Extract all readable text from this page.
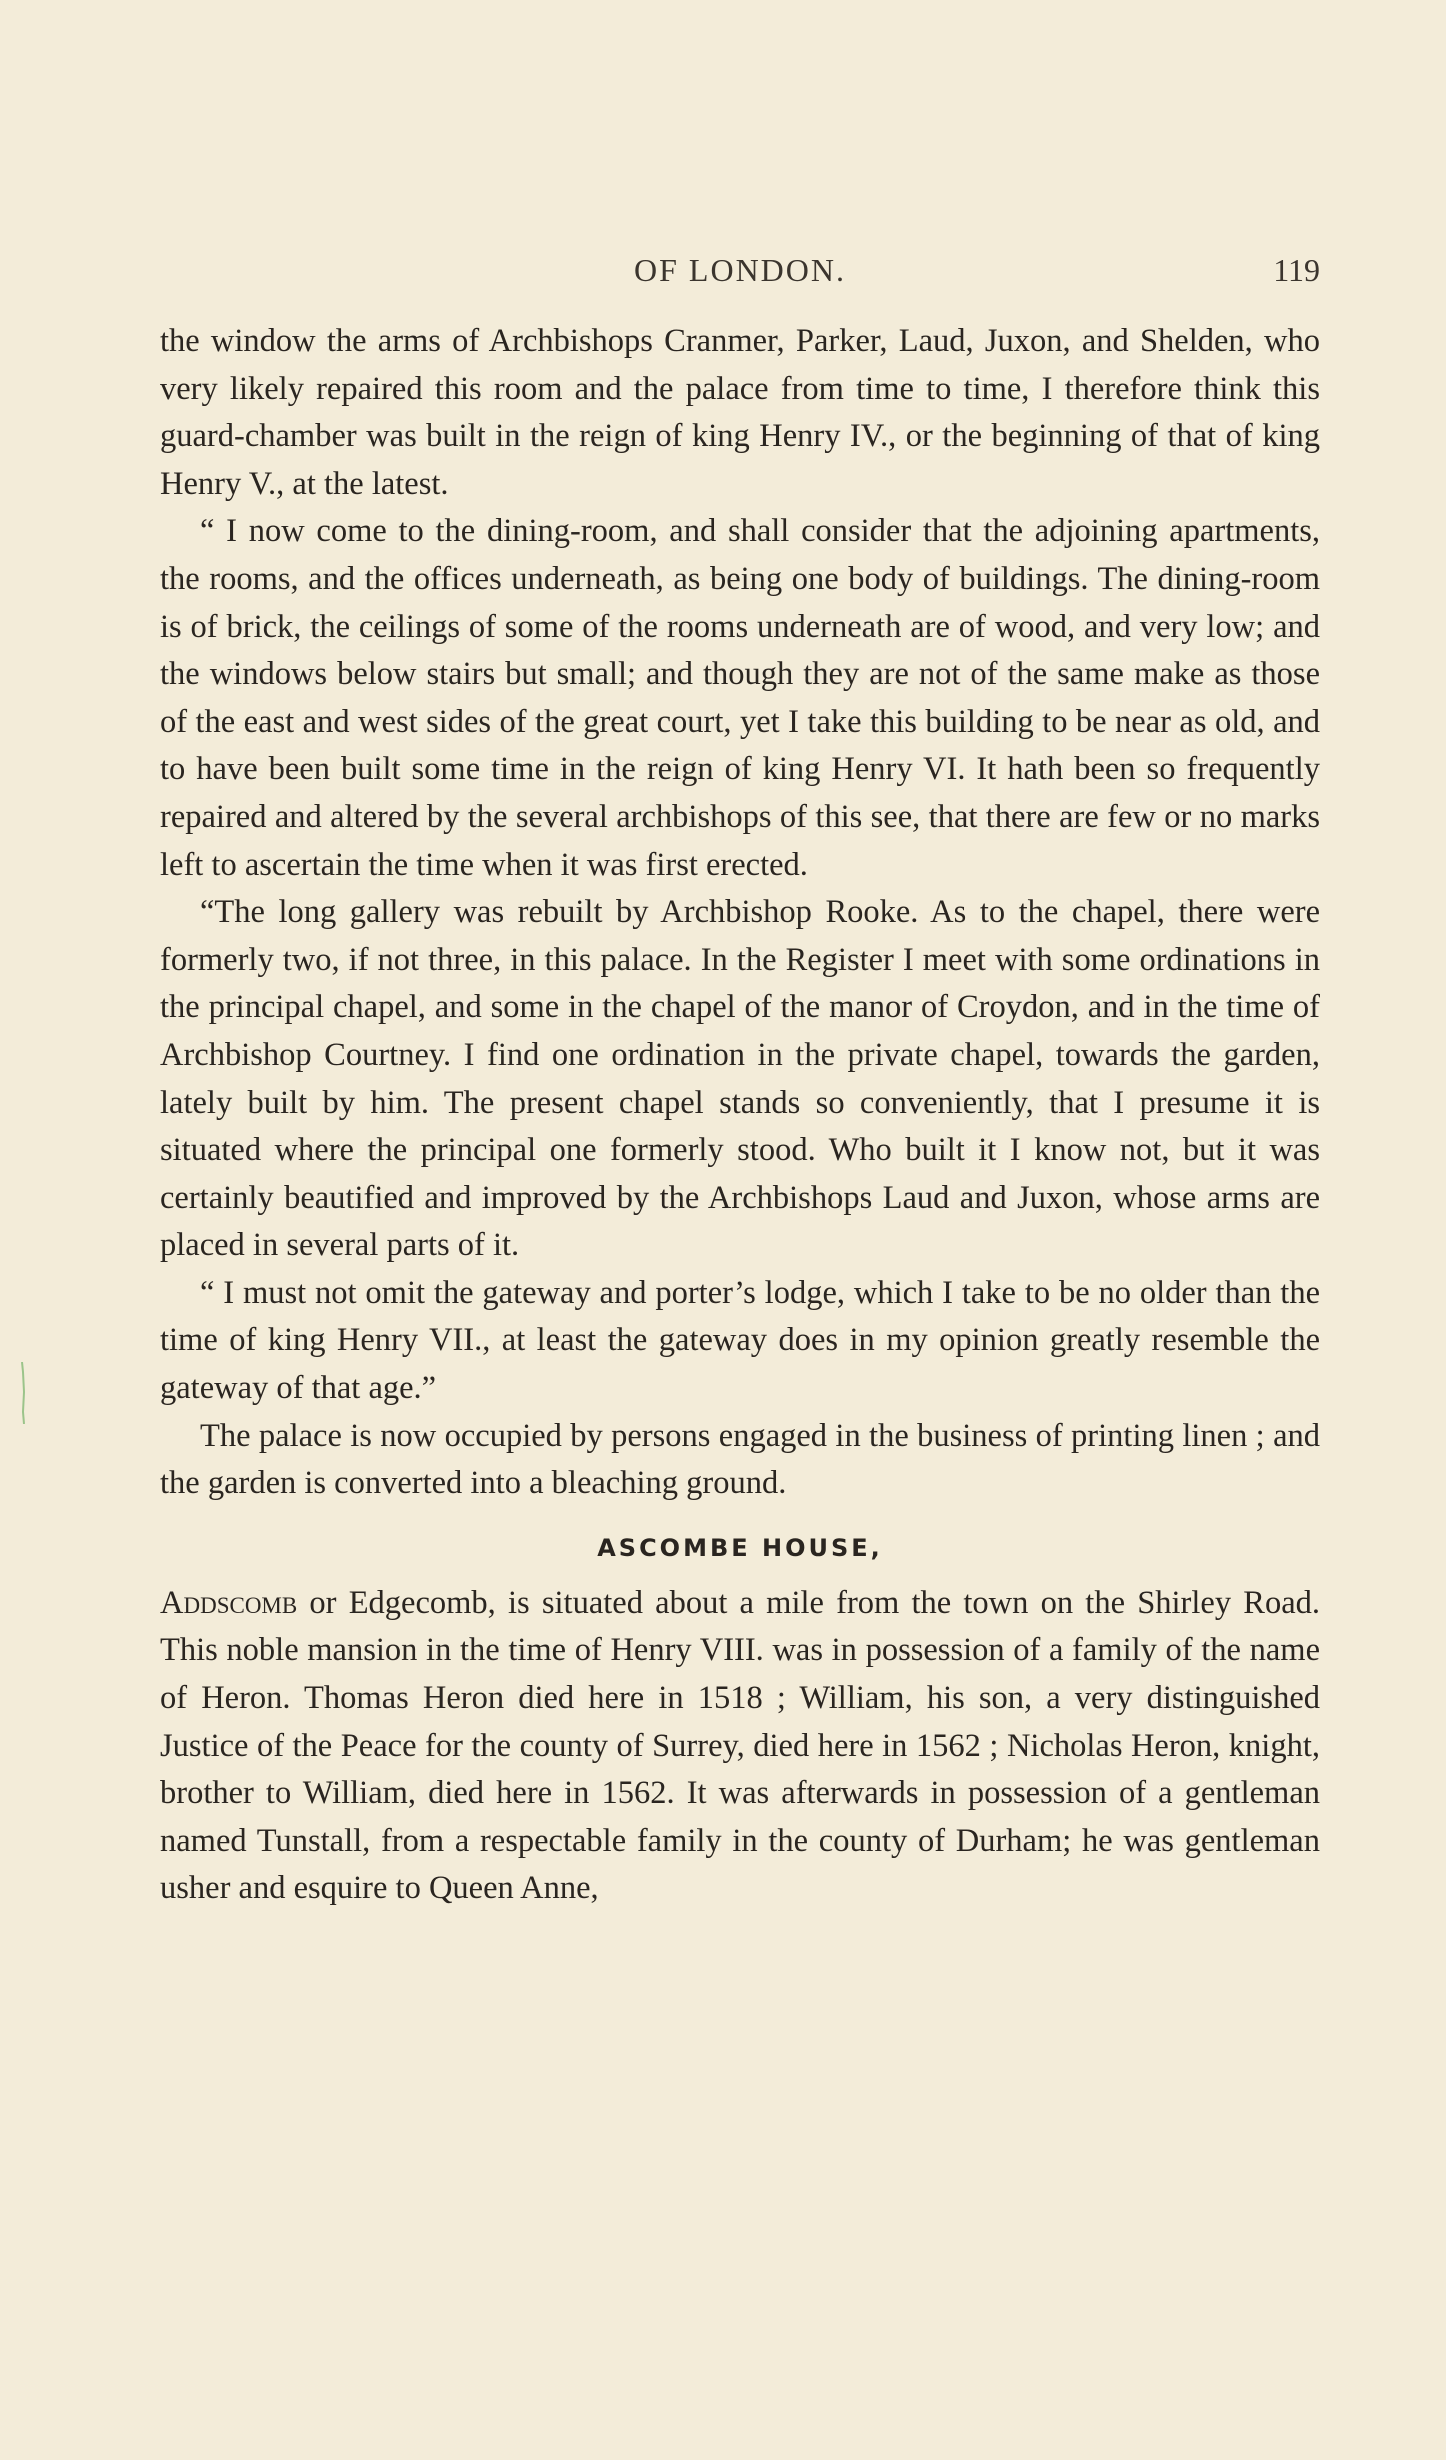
OF LONDON.	119

the window the arms of Archbishops Cranmer, Parker, Laud, Juxon, and Shelden, who very likely repaired this room and the palace from time to time, I therefore think this guard-chamber was built in the reign of king Henry IV., or the beginning of that of king Henry V., at the latest.

“ I now come to the dining-room, and shall consider that the adjoining apartments, the rooms, and the offices underneath, as being one body of buildings. The dining-room is of brick, the ceilings of some of the rooms underneath are of wood, and very low; and the windows below stairs but small; and though they are not of the same make as those of the east and west sides of the great court, yet I take this building to be near as old, and to have been built some time in the reign of king Henry VI. It hath been so frequently repaired and altered by the several archbishops of this see, that there are few or no marks left to ascertain the time when it was first erected.

“The long gallery was rebuilt by Archbishop Rooke. As to the chapel, there were formerly two, if not three, in this palace. In the Register I meet with some ordinations in the principal chapel, and some in the chapel of the manor of Croydon, and in the time of Archbishop Courtney. I find one ordination in the private chapel, towards the garden, lately built by him. The present chapel stands so conveniently, that I presume it is situated where the principal one formerly stood. Who built it I know not, but it was certainly beautified and improved by the Archbishops Laud and Juxon, whose arms are placed in several parts of it.

“ I must not omit the gateway and porter’s lodge, which I take to be no older than the time of king Henry VII., at least the gateway does in my opinion greatly resemble the gateway of that age.”

The palace is now occupied by persons engaged in the business of printing linen ; and the garden is converted into a bleaching ground.

ASCOMBE HOUSE,

Addscomb or Edgecomb, is situated about a mile from the town on the Shirley Road. This noble mansion in the time of Henry VIII. was in possession of a family of the name of Heron. Thomas Heron died here in 1518 ; William, his son, a very distinguished Justice of the Peace for the county of Surrey, died here in 1562 ; Nicholas Heron, knight, brother to William, died here in 1562. It was afterwards in possession of a gentleman named Tunstall, from a respectable family in the county of Durham; he was gentleman usher and esquire to Queen Anne,
